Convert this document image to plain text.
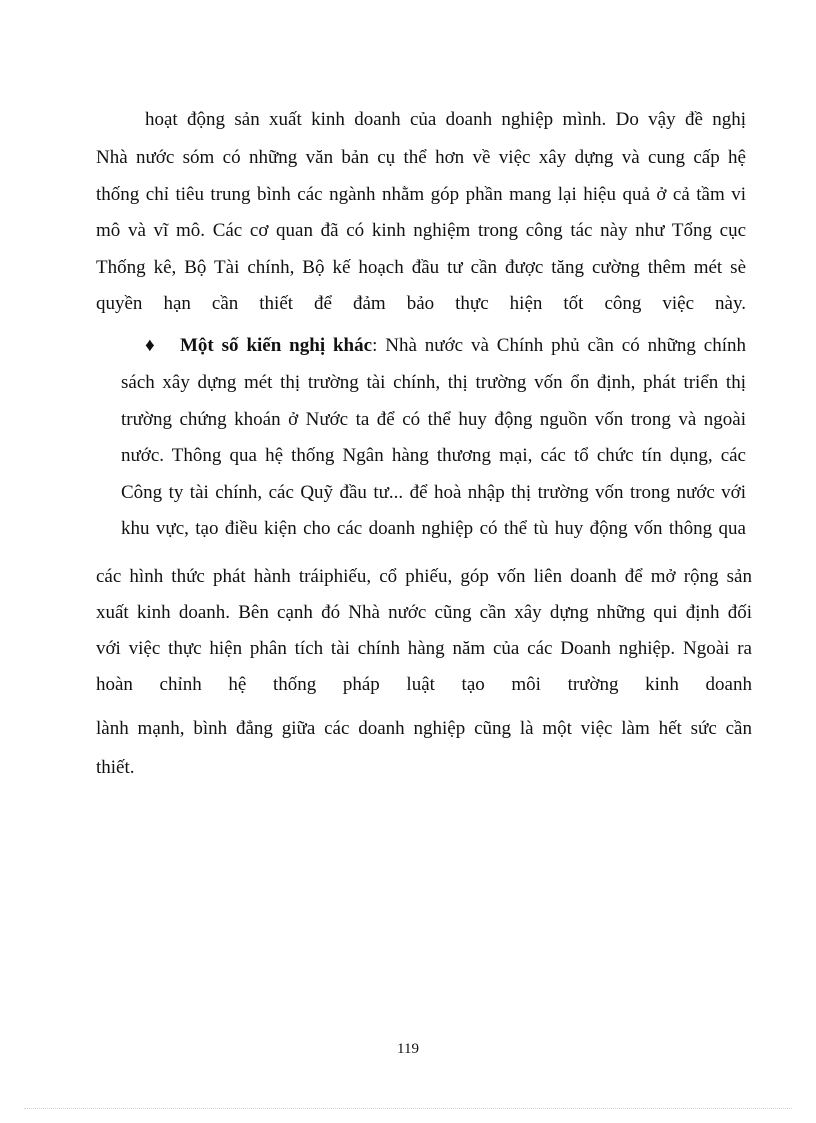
hoạt động sản xuất kinh doanh của doanh nghiệp mình. Do vậy đề nghị
Nhà nước sóm có những văn bản cụ thể hơn về việc xây dựng và cung cấp hệ
thống chỉ tiêu trung bình các ngành nhằm góp phần mang lại hiệu quả ở cả tầm vi
mô và vĩ mô. Các cơ quan đã có kinh nghiệm trong công tác này như Tổng cục
Thống kê, Bộ Tài chính, Bộ kế hoạch đầu tư cần được tăng cường thêm mét sè
quyền hạn cần thiết để đảm bảo thực hiện tốt công việc này.
♦ Một số kiến nghị khác: Nhà nước và Chính phủ cần có những chính
sách xây dựng mét thị trường tài chính, thị trường vốn ổn định, phát triển thị
trường chứng khoán ở Nước ta để có thể huy động nguồn vốn trong và ngoài
nước. Thông qua hệ thống Ngân hàng thương mại, các tổ chức tín dụng, các
Công ty tài chính, các Quỹ đầu tư... để hoà nhập thị trường vốn trong nước với
khu vực, tạo điều kiện cho các doanh nghiệp có thể tù huy động vốn thông qua
các hình thức phát hành tráiphiếu, cổ phiếu, góp vốn liên doanh để mở rộng sản
xuất kinh doanh. Bên cạnh đó Nhà nước cũng cần xây dựng những qui định đối
với việc thực hiện phân tích tài chính hàng năm của các Doanh nghiệp. Ngoài ra
hoàn chỉnh hệ thống pháp luật tạo môi trường kinh doanh
lành mạnh, bình đẳng giữa các doanh nghiệp cũng là một việc làm hết sức cần
thiết.
119
